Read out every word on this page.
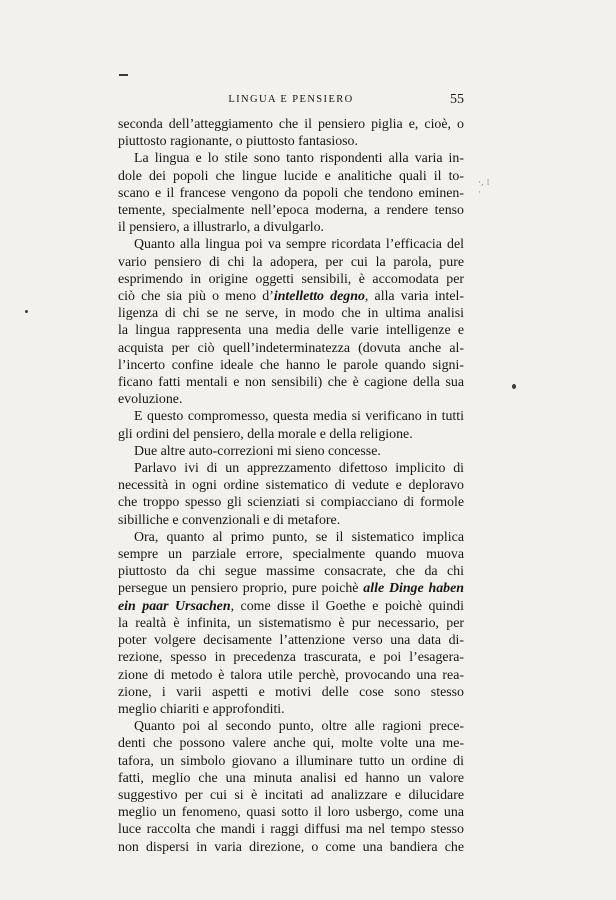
·, ⁞ ·
LINGUA E PENSIERO	55
seconda dell’atteggiamento che il pensiero piglia e, cioè, o
piuttosto ragionante, o piuttosto fantasioso.
La lingua e lo stile sono tanto rispondenti alla varia in-
dole dei popoli che lingue lucide e analitiche quali il to-
scano e il francese vengono da popoli che tendono eminen-
temente, specialmente nell’epoca moderna, a rendere tenso
il pensiero, a illustrarlo, a divulgarlo.
Quanto alla lingua poi va sempre ricordata l’efficacia del
vario pensiero di chi la adopera, per cui la parola, pure
esprimendo in origine oggetti sensibili, è accomodata per
ciò che sia più o meno d’intelletto degno, alla varia intel-
ligenza di chi se ne serve, in modo che in ultima analisi
la lingua rappresenta una media delle varie intelligenze e
acquista per ciò quell’indeterminatezza (dovuta anche al-
l’incerto confine ideale che hanno le parole quando signi-
ficano fatti mentali e non sensibili) che è cagione della sua
evoluzione.
E questo compromesso, questa media si verificano in tutti
gli ordini del pensiero, della morale e della religione.
Due altre auto-correzioni mi sieno concesse.
Parlavo ivi di un apprezzamento difettoso implicito di
necessità in ogni ordine sistematico di vedute e deploravo
che troppo spesso gli scienziati si compiacciano di formole
sibilliche e convenzionali e di metafore.
Ora, quanto al primo punto, se il sistematico implica
sempre un parziale errore, specialmente quando muova
piuttosto da chi segue massime consacrate, che da chi
persegue un pensiero proprio, pure poichè alle Dinge haben
ein paar Ursachen, come disse il Goethe e poichè quindi
la realtà è infinita, un sistematismo è pur necessario, per
poter volgere decisamente l’attenzione verso una data di-
rezione, spesso in precedenza trascurata, e poi l’esagera-
zione di metodo è talora utile perchè, provocando una rea-
zione, i varii aspetti e motivi delle cose sono stesso
meglio chiariti e approfonditi.
Quanto poi al secondo punto, oltre alle ragioni prece-
denti che possono valere anche qui, molte volte una me-
tafora, un simbolo giovano a illuminare tutto un ordine di
fatti, meglio che una minuta analisi ed hanno un valore
suggestivo per cui si è incitati ad analizzare e dilucidare
meglio un fenomeno, quasi sotto il loro usbergo, come una
luce raccolta che mandi i raggi diffusi ma nel tempo stesso
non dispersi in varia direzione, o come una bandiera che
